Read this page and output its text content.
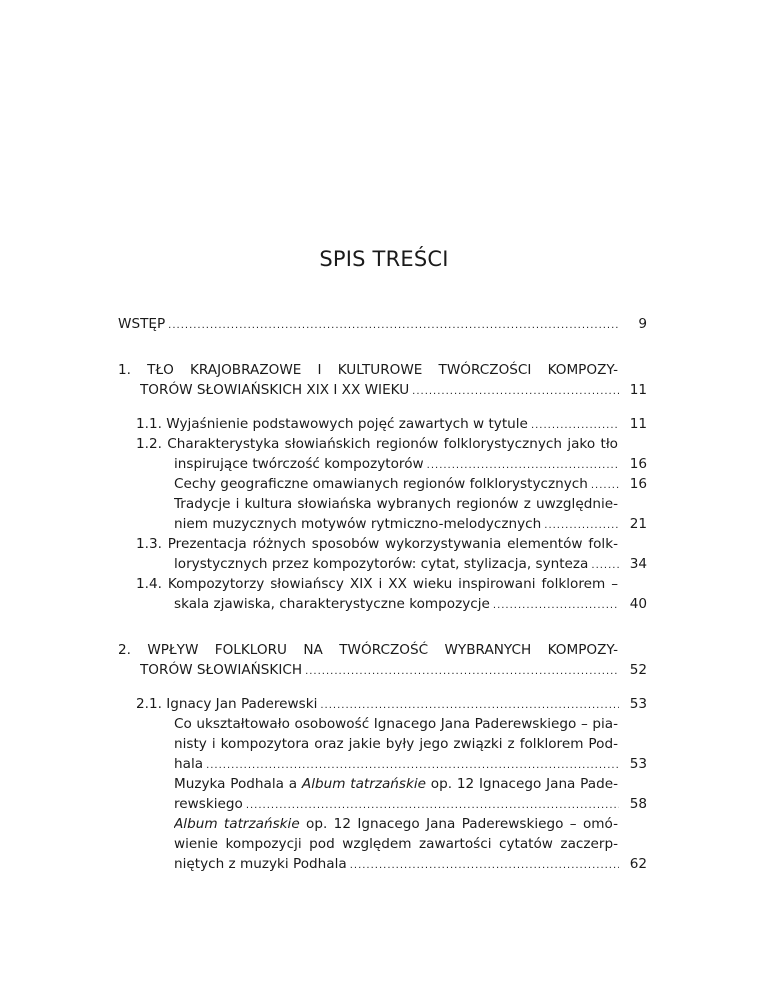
SPIS TREŚCI
WSTĘP .....	9
1. TŁO KRAJOBRAZOWE I KULTUROWE TWÓRCZOŚCI KOMPOZY-
TORÓW SŁOWIAŃSKICH XIX I XX WIEKU .....	11
1.1. Wyjaśnienie podstawowych pojęć zawartych w tytule .....	11
1.2. Charakterystyka słowiańskich regionów folklorystycznych jako tło
inspirujące twórczość kompozytorów .....	16
Cechy geograficzne omawianych regionów folklorystycznych .....	16
Tradycje i kultura słowiańska wybranych regionów z uwzględnie-
niem muzycznych motywów rytmiczno-melodycznych .....	21
1.3. Prezentacja różnych sposobów wykorzystywania elementów folk-
lorystycznych przez kompozytorów: cytat, stylizacja, synteza .....	34
1.4. Kompozytorzy słowiańscy XIX i XX wieku inspirowani folklorem –
skala zjawiska, charakterystyczne kompozycje .....	40
2. WPŁYW FOLKLORU NA TWÓRCZOŚĆ WYBRANYCH KOMPOZY-
TORÓW SŁOWIAŃSKICH .....	52
2.1. Ignacy Jan Paderewski .....	53
Co ukształtowało osobowość Ignacego Jana Paderewskiego – pia-
nisty i kompozytora oraz jakie były jego związki z folklorem Pod-
hala .....	53
Muzyka Podhala a Album tatrzańskie op. 12 Ignacego Jana Pade-
rewskiego .....	58
Album tatrzańskie op. 12 Ignacego Jana Paderewskiego – omó-
wienie kompozycji pod względem zawartości cytatów zaczerp-
niętych z muzyki Podhala .....	62
